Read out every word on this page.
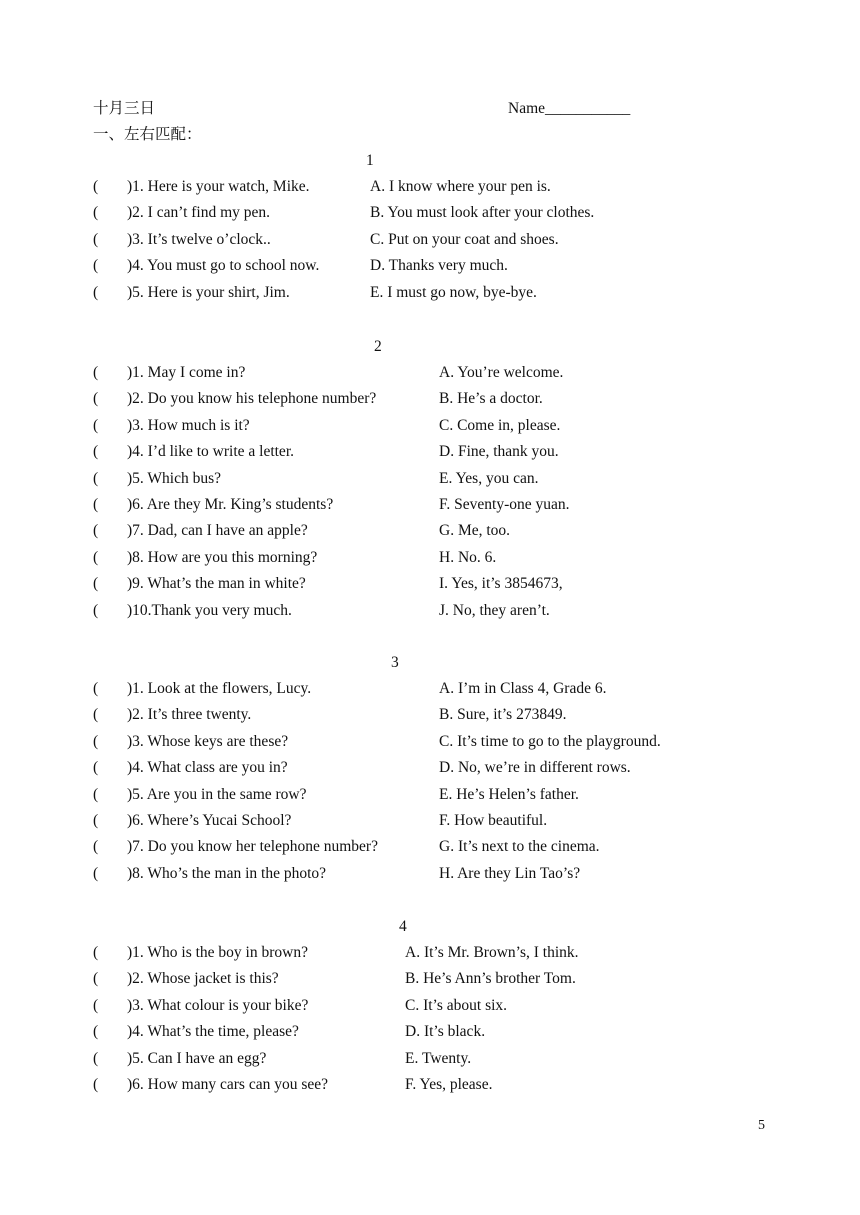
十月三日	Name___________
一、左右匹配：
1
( )1. Here is your watch, Mike.	A. I know where your pen is.
( )2. I can’t find my pen.	B. You must look after your clothes.
( )3. It’s twelve o’clock..	C. Put on your coat and shoes.
( )4. You must go to school now.	D. Thanks very much.
( )5. Here is your shirt, Jim.	E. I must go now, bye-bye.
2
( )1. May I come in?	A. You’re welcome.
( )2. Do you know his telephone number?	B. He’s a doctor.
( )3. How much is it?	C. Come in, please.
( )4. I’d like to write a letter.	D. Fine, thank you.
( )5. Which bus?	E. Yes, you can.
( )6. Are they Mr. King’s students?	F. Seventy-one yuan.
( )7. Dad, can I have an apple?	G. Me, too.
( )8. How are you this morning?	H. No. 6.
( )9. What’s the man in white?	I. Yes, it’s 3854673,
( )10.Thank you very much.	J. No, they aren’t.
3
( )1. Look at the flowers, Lucy.	A. I’m in Class 4, Grade 6.
( )2. It’s three twenty.	B. Sure, it’s 273849.
( )3. Whose keys are these?	C. It’s time to go to the playground.
( )4. What class are you in?	D. No, we’re in different rows.
( )5. Are you in the same row?	E. He’s Helen’s father.
( )6. Where’s Yucai School?	F. How beautiful.
( )7. Do you know her telephone number?	G. It’s next to the cinema.
( )8. Who’s the man in the photo?	H. Are they Lin Tao’s?
4
( )1. Who is the boy in brown?	A. It’s Mr. Brown’s, I think.
( )2. Whose jacket is this?	B. He’s Ann’s brother Tom.
( )3. What colour is your bike?	C. It’s about six.
( )4. What’s the time, please?	D. It’s black.
( )5. Can I have an egg?	E. Twenty.
( )6. How many cars can you see?	F. Yes, please.
5
